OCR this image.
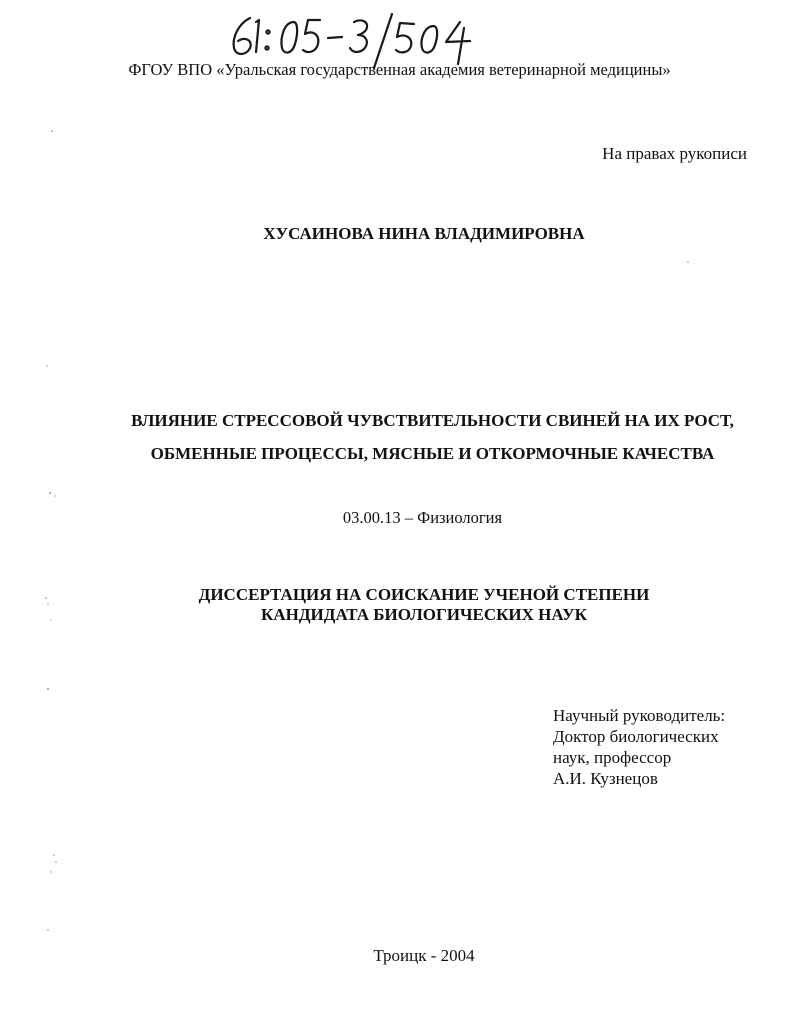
ФГОУ ВПО «Уральская государственная академия ветеринарной медицины»
На правах рукописи
ХУСАИНОВА НИНА ВЛАДИМИРОВНА
ВЛИЯНИЕ СТРЕССОВОЙ ЧУВСТВИТЕЛЬНОСТИ СВИНЕЙ НА ИХ РОСТ,
ОБМЕННЫЕ ПРОЦЕССЫ, МЯСНЫЕ И ОТКОРМОЧНЫЕ КАЧЕСТВА
03.00.13 – Физиология
ДИССЕРТАЦИЯ НА СОИСКАНИЕ УЧЕНОЙ СТЕПЕНИ
КАНДИДАТА БИОЛОГИЧЕСКИХ НАУК
Научный руководитель:
Доктор биологических
наук, профессор
А.И. Кузнецов
Троицк - 2004
